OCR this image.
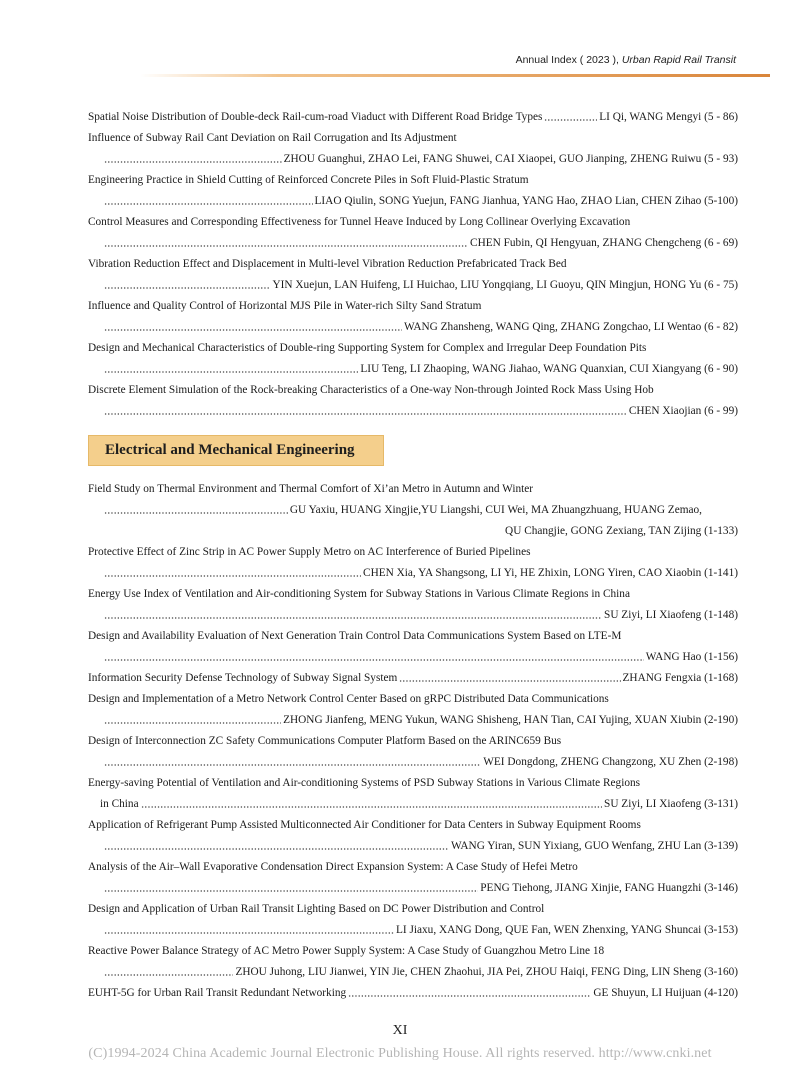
Annual Index ( 2023 ), Urban Rapid Rail Transit
Spatial Noise Distribution of Double-deck Rail-cum-road Viaduct with Different Road Bridge Types	LI Qi, WANG Mengyi (5 - 86)
Influence of Subway Rail Cant Deviation on Rail Corrugation and Its Adjustment
ZHOU Guanghui, ZHAO Lei, FANG Shuwei, CAI Xiaopei, GUO Jianping, ZHENG Ruiwu (5 - 93)
Engineering Practice in Shield Cutting of Reinforced Concrete Piles in Soft Fluid-Plastic Stratum
LIAO Qiulin, SONG Yuejun, FANG Jianhua, YANG Hao, ZHAO Lian, CHEN Zihao (5-100)
Control Measures and Corresponding Effectiveness for Tunnel Heave Induced by Long Collinear Overlying Excavation
CHEN Fubin, QI Hengyuan, ZHANG Chengcheng (6 - 69)
Vibration Reduction Effect and Displacement in Multi-level Vibration Reduction Prefabricated Track Bed
YIN Xuejun, LAN Huifeng, LI Huichao, LIU Yongqiang, LI Guoyu, QIN Mingjun, HONG Yu (6 - 75)
Influence and Quality Control of Horizontal MJS Pile in Water-rich Silty Sand Stratum
WANG Zhansheng, WANG Qing, ZHANG Zongchao, LI Wentao (6 - 82)
Design and Mechanical Characteristics of Double-ring Supporting System for Complex and Irregular Deep Foundation Pits
LIU Teng, LI Zhaoping, WANG Jiahao, WANG Quanxian, CUI Xiangyang (6 - 90)
Discrete Element Simulation of the Rock-breaking Characteristics of a One-way Non-through Jointed Rock Mass Using Hob
CHEN Xiaojian (6 - 99)
Electrical and Mechanical Engineering
Field Study on Thermal Environment and Thermal Comfort of Xi’an Metro in Autumn and Winter
GU Yaxiu, HUANG Xingjie,YU Liangshi, CUI Wei, MA Zhuangzhuang, HUANG Zemao,
QU Changjie, GONG Zexiang, TAN Zijing (1-133)
Protective Effect of Zinc Strip in AC Power Supply Metro on AC Interference of Buried Pipelines
CHEN Xia, YA Shangsong, LI Yi, HE Zhixin, LONG Yiren, CAO Xiaobin (1-141)
Energy Use Index of Ventilation and Air-conditioning System for Subway Stations in Various Climate Regions in China
SU Ziyi, LI Xiaofeng (1-148)
Design and Availability Evaluation of Next Generation Train Control Data Communications System Based on LTE-M
WANG Hao (1-156)
Information Security Defense Technology of Subway Signal System	ZHANG Fengxia (1-168)
Design and Implementation of a Metro Network Control Center Based on gRPC Distributed Data Communications
ZHONG Jianfeng, MENG Yukun, WANG Shisheng, HAN Tian, CAI Yujing, XUAN Xiubin (2-190)
Design of Interconnection ZC Safety Communications Computer Platform Based on the ARINC659 Bus
WEI Dongdong, ZHENG Changzong, XU Zhen (2-198)
Energy-saving Potential of Ventilation and Air-conditioning Systems of PSD Subway Stations in Various Climate Regions
in China	SU Ziyi, LI Xiaofeng (3-131)
Application of Refrigerant Pump Assisted Multiconnected Air Conditioner for Data Centers in Subway Equipment Rooms
WANG Yiran, SUN Yixiang, GUO Wenfang, ZHU Lan (3-139)
Analysis of the Air–Wall Evaporative Condensation Direct Expansion System: A Case Study of Hefei Metro
PENG Tiehong, JIANG Xinjie, FANG Huangzhi (3-146)
Design and Application of Urban Rail Transit Lighting Based on DC Power Distribution and Control
LI Jiaxu, XANG Dong, QUE Fan, WEN Zhenxing, YANG Shuncai (3-153)
Reactive Power Balance Strategy of AC Metro Power Supply System: A Case Study of Guangzhou Metro Line 18
ZHOU Juhong, LIU Jianwei, YIN Jie, CHEN Zhaohui, JIA Pei, ZHOU Haiqi, FENG Ding, LIN Sheng (3-160)
EUHT-5G for Urban Rail Transit Redundant Networking	GE Shuyun, LI Huijuan (4-120)
XI
(C)1994-2024 China Academic Journal Electronic Publishing House. All rights reserved. http://www.cnki.net
